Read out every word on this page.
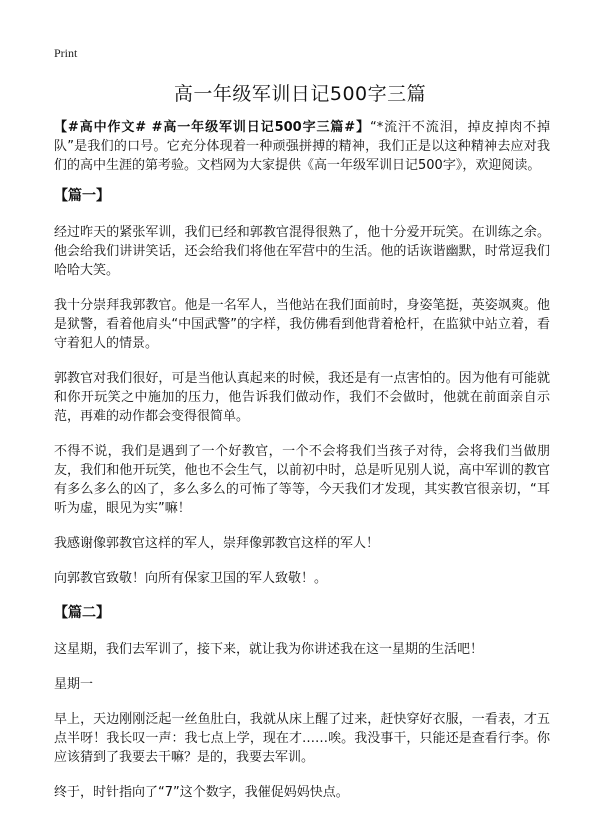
Print
高一年级军训日记500字三篇

【#高中作文# #高一年级军训日记500字三篇#】“*流汗不流泪，掉皮掉肉不掉队”是我们的口号。它充分体现着一种顽强拼搏的精神，我们正是以这种精神去应对我们的高中生涯的第考验。文档网为大家提供《高一年级军训日记500字》，欢迎阅读。

【篇一】

经过昨天的紧张军训，我们已经和郭教官混得很熟了，他十分爱开玩笑。在训练之余。他会给我们讲讲笑话，还会给我们将他在军营中的生活。他的话诙谐幽默，时常逗我们哈哈大笑。

我十分崇拜我郭教官。他是一名军人，当他站在我们面前时，身姿笔挺，英姿飒爽。他是狱警，看着他肩头“中国武警”的字样，我仿佛看到他背着枪杆，在监狱中站立着，看守着犯人的情景。

郭教官对我们很好，可是当他认真起来的时候，我还是有一点害怕的。因为他有可能就和你开玩笑之中施加的压力，他告诉我们做动作，我们不会做时，他就在前面亲自示范，再难的动作都会变得很简单。

不得不说，我们是遇到了一个好教官，一个不会将我们当孩子对待，会将我们当做朋友，我们和他开玩笑，他也不会生气，以前初中时，总是听见别人说，高中军训的教官有多么多么的凶了，多么多么的可怖了等等，今天我们才发现，其实教官很亲切，“耳听为虚，眼见为实”嘛！

我感谢像郭教官这样的军人，崇拜像郭教官这样的军人！

向郭教官致敬！向所有保家卫国的军人致敬！。

【篇二】

这星期，我们去军训了，接下来，就让我为你讲述我在这一星期的生活吧！

星期一

早上，天边刚刚泛起一丝鱼肚白，我就从床上醒了过来，赶快穿好衣服，一看表，才五点半呀！我长叹一声：我七点上学，现在才……唉。我没事干，只能还是查看行李。你应该猜到了我要去干嘛？是的，我要去军训。

终于，时针指向了“7”这个数字，我催促妈妈快点。
